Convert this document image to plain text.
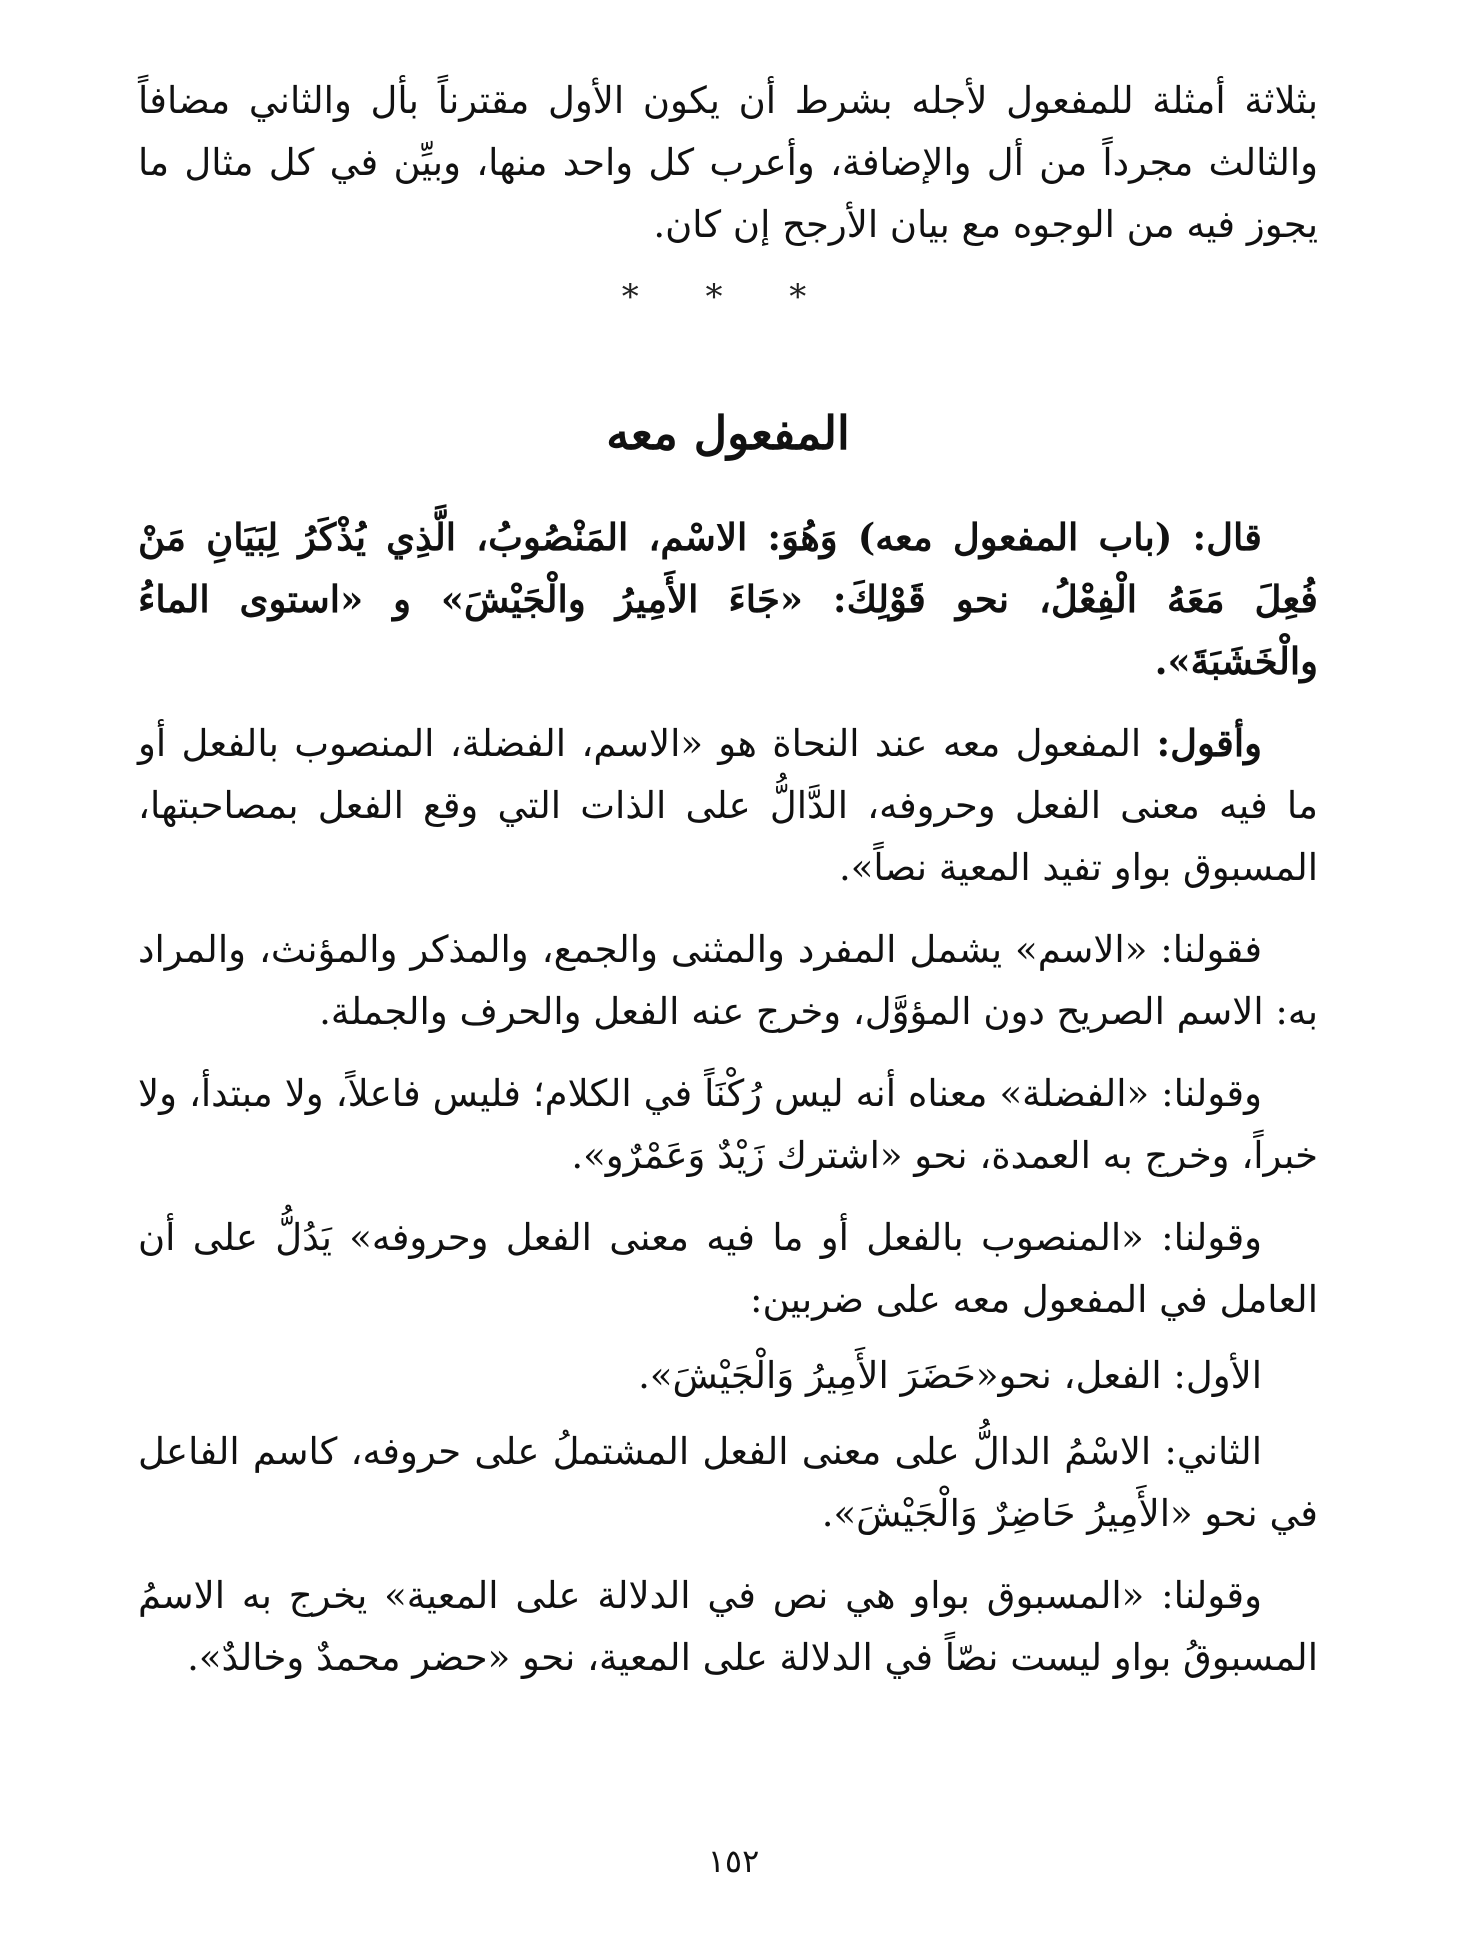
بثلاثة أمثلة للمفعول لأجله بشرط أن يكون الأول مقترناً بأل والثاني مضافاً والثالث مجرداً من أل والإضافة، وأعرب كل واحد منها، وبيِّن في كل مثال ما يجوز فيه من الوجوه مع بيان الأرجح إن كان.

* * *
المفعول معه

قال: (باب المفعول معه) وَهُوَ: الاسْم، المَنْصُوبُ، الَّذِي يُذْكَرُ لِبَيَانِ مَنْ فُعِلَ مَعَهُ الْفِعْلُ، نحو قَوْلِكَ: «جَاءَ الأَمِيرُ والْجَيْشَ» و «استوى الماءُ والْخَشَبَةَ».

وأقول: المفعول معه عند النحاة هو «الاسم، الفضلة، المنصوب بالفعل أو ما فيه معنى الفعل وحروفه، الدَّالُّ على الذات التي وقع الفعل بمصاحبتها، المسبوق بواو تفيد المعية نصاً».

فقولنا: «الاسم» يشمل المفرد والمثنى والجمع، والمذكر والمؤنث، والمراد به: الاسم الصريح دون المؤوَّل، وخرج عنه الفعل والحرف والجملة.

وقولنا: «الفضلة» معناه أنه ليس رُكْنَاً في الكلام؛ فليس فاعلاً، ولا مبتدأ، ولا خبراً، وخرج به العمدة، نحو «اشترك زَيْدٌ وَعَمْرٌو».

وقولنا: «المنصوب بالفعل أو ما فيه معنى الفعل وحروفه» يَدُلُّ على أن العامل في المفعول معه على ضربين:

الأول: الفعل، نحو«حَضَرَ الأَمِيرُ وَالْجَيْشَ».

الثاني: الاسْمُ الدالُّ على معنى الفعل المشتملُ على حروفه، كاسم الفاعل في نحو «الأَمِيرُ حَاضِرٌ وَالْجَيْشَ».

وقولنا: «المسبوق بواو هي نص في الدلالة على المعية» يخرج به الاسمُ المسبوقُ بواو ليست نصّاً في الدلالة على المعية، نحو «حضر محمدٌ وخالدٌ».

١٥٢
